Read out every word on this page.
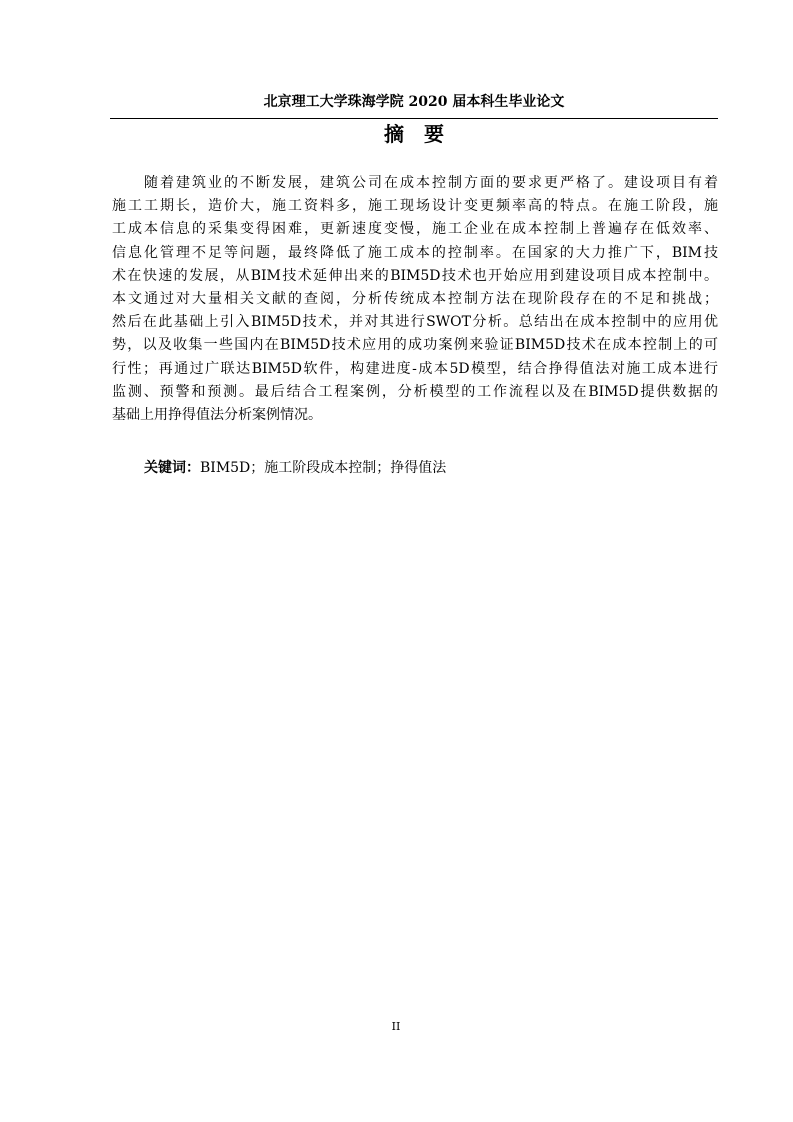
北京理工大学珠海学院 2020 届本科生毕业论文
摘　要
随着建筑业的不断发展，建筑公司在成本控制方面的要求更严格了。建设项目有着
施工工期长，造价大，施工资料多，施工现场设计变更频率高的特点。在施工阶段，施
工成本信息的采集变得困难，更新速度变慢，施工企业在成本控制上普遍存在低效率、
信息化管理不足等问题，最终降低了施工成本的控制率。在国家的大力推广下，BIM技
术在快速的发展，从BIM技术延伸出来的BIM5D技术也开始应用到建设项目成本控制中。
本文通过对大量相关文献的查阅，分析传统成本控制方法在现阶段存在的不足和挑战；
然后在此基础上引入BIM5D技术，并对其进行SWOT分析。总结出在成本控制中的应用优
势，以及收集一些国内在BIM5D技术应用的成功案例来验证BIM5D技术在成本控制上的可
行性；再通过广联达BIM5D软件，构建进度-成本5D模型，结合挣得值法对施工成本进行
监测、预警和预测。最后结合工程案例，分析模型的工作流程以及在BIM5D提供数据的
基础上用挣得值法分析案例情况。
关键词：BIM5D；施工阶段成本控制；挣得值法
II
